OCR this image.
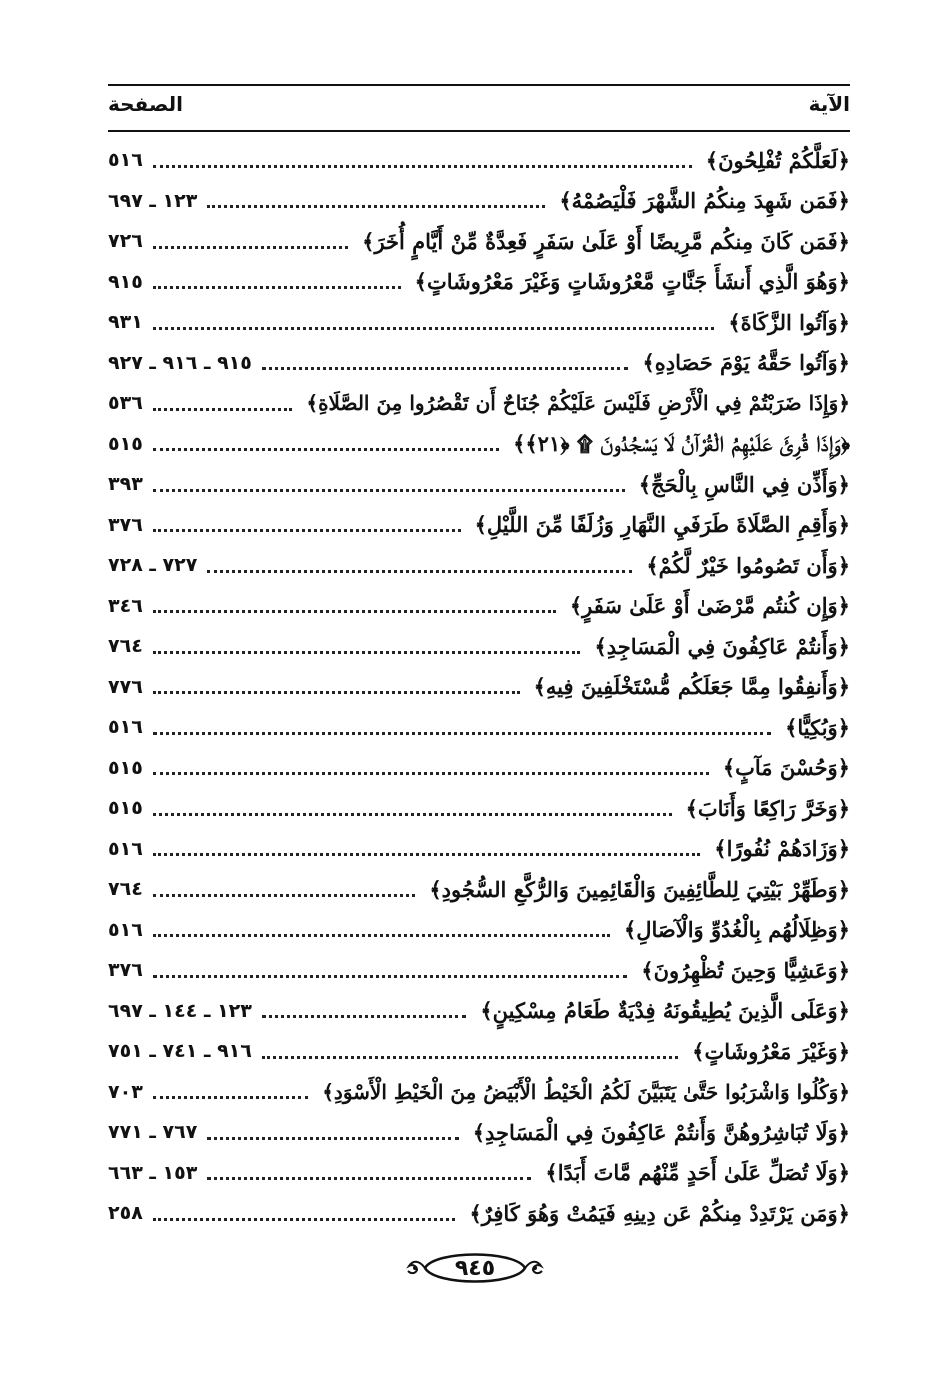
الآية
الصفحة
﴿لَعَلَّكُمْ تُفْلِحُونَ﴾
٥١٦
﴿فَمَن شَهِدَ مِنكُمُ الشَّهْرَ فَلْيَصُمْهُ﴾
١٢٣ ـ ٦٩٧
﴿فَمَن كَانَ مِنكُم مَّرِيضًا أَوْ عَلَىٰ سَفَرٍ فَعِدَّةٌ مِّنْ أَيَّامٍ أُخَرَ﴾
٧٢٦
﴿وَهُوَ الَّذِي أَنشَأَ جَنَّاتٍ مَّعْرُوشَاتٍ وَغَيْرَ مَعْرُوشَاتٍ﴾
٩١٥
﴿وَآتُوا الزَّكَاةَ﴾
٩٣١
﴿وَآتُوا حَقَّهُ يَوْمَ حَصَادِهِ﴾
٩١٥ ـ ٩١٦ ـ ٩٢٧
﴿وَإِذَا ضَرَبْتُمْ فِي الْأَرْضِ فَلَيْسَ عَلَيْكُمْ جُنَاحٌ أَن تَقْصُرُوا مِنَ الصَّلَاةِ﴾
٥٣٦
﴿وَإِذَا قُرِئَ عَلَيْهِمُ الْقُرْآنُ لَا يَسْجُدُونَ ۩ ﴿٢١﴾﴾
٥١٥
﴿وَأَذِّن فِي النَّاسِ بِالْحَجِّ﴾
٣٩٣
﴿وَأَقِمِ الصَّلَاةَ طَرَفَيِ النَّهَارِ وَزُلَفًا مِّنَ اللَّيْلِ﴾
٣٧٦
﴿وَأَن تَصُومُوا خَيْرٌ لَّكُمْ﴾
٧٢٧ ـ ٧٢٨
﴿وَإِن كُنتُم مَّرْضَىٰ أَوْ عَلَىٰ سَفَرٍ﴾
٣٤٦
﴿وَأَنتُمْ عَاكِفُونَ فِي الْمَسَاجِدِ﴾
٧٦٤
﴿وَأَنفِقُوا مِمَّا جَعَلَكُم مُّسْتَخْلَفِينَ فِيهِ﴾
٧٧٦
﴿وَبُكِيًّا﴾
٥١٦
﴿وَحُسْنَ مَآبٍ﴾
٥١٥
﴿وَخَرَّ رَاكِعًا وَأَنَابَ﴾
٥١٥
﴿وَزَادَهُمْ نُفُورًا﴾
٥١٦
﴿وَطَهِّرْ بَيْتِيَ لِلطَّائِفِينَ وَالْقَائِمِينَ وَالرُّكَّعِ السُّجُودِ﴾
٧٦٤
﴿وَظِلَالُهُم بِالْغُدُوِّ وَالْآصَالِ﴾
٥١٦
﴿وَعَشِيًّا وَحِينَ تُظْهِرُونَ﴾
٣٧٦
﴿وَعَلَى الَّذِينَ يُطِيقُونَهُ فِدْيَةٌ طَعَامُ مِسْكِينٍ﴾
١٢٣ ـ ١٤٤ ـ ٦٩٧
﴿وَغَيْرَ مَعْرُوشَاتٍ﴾
٩١٦ ـ ٧٤١ ـ ٧٥١
﴿وَكُلُوا وَاشْرَبُوا حَتَّىٰ يَتَبَيَّنَ لَكُمُ الْخَيْطُ الْأَبْيَضُ مِنَ الْخَيْطِ الْأَسْوَدِ﴾
٧٠٣
﴿وَلَا تُبَاشِرُوهُنَّ وَأَنتُمْ عَاكِفُونَ فِي الْمَسَاجِدِ﴾
٧٦٧ ـ ٧٧١
﴿وَلَا تُصَلِّ عَلَىٰ أَحَدٍ مِّنْهُم مَّاتَ أَبَدًا﴾
١٥٣ ـ ٦٦٣
﴿وَمَن يَرْتَدِدْ مِنكُمْ عَن دِينِهِ فَيَمُتْ وَهُوَ كَافِرٌ﴾
٢٥٨
٩٤٥
